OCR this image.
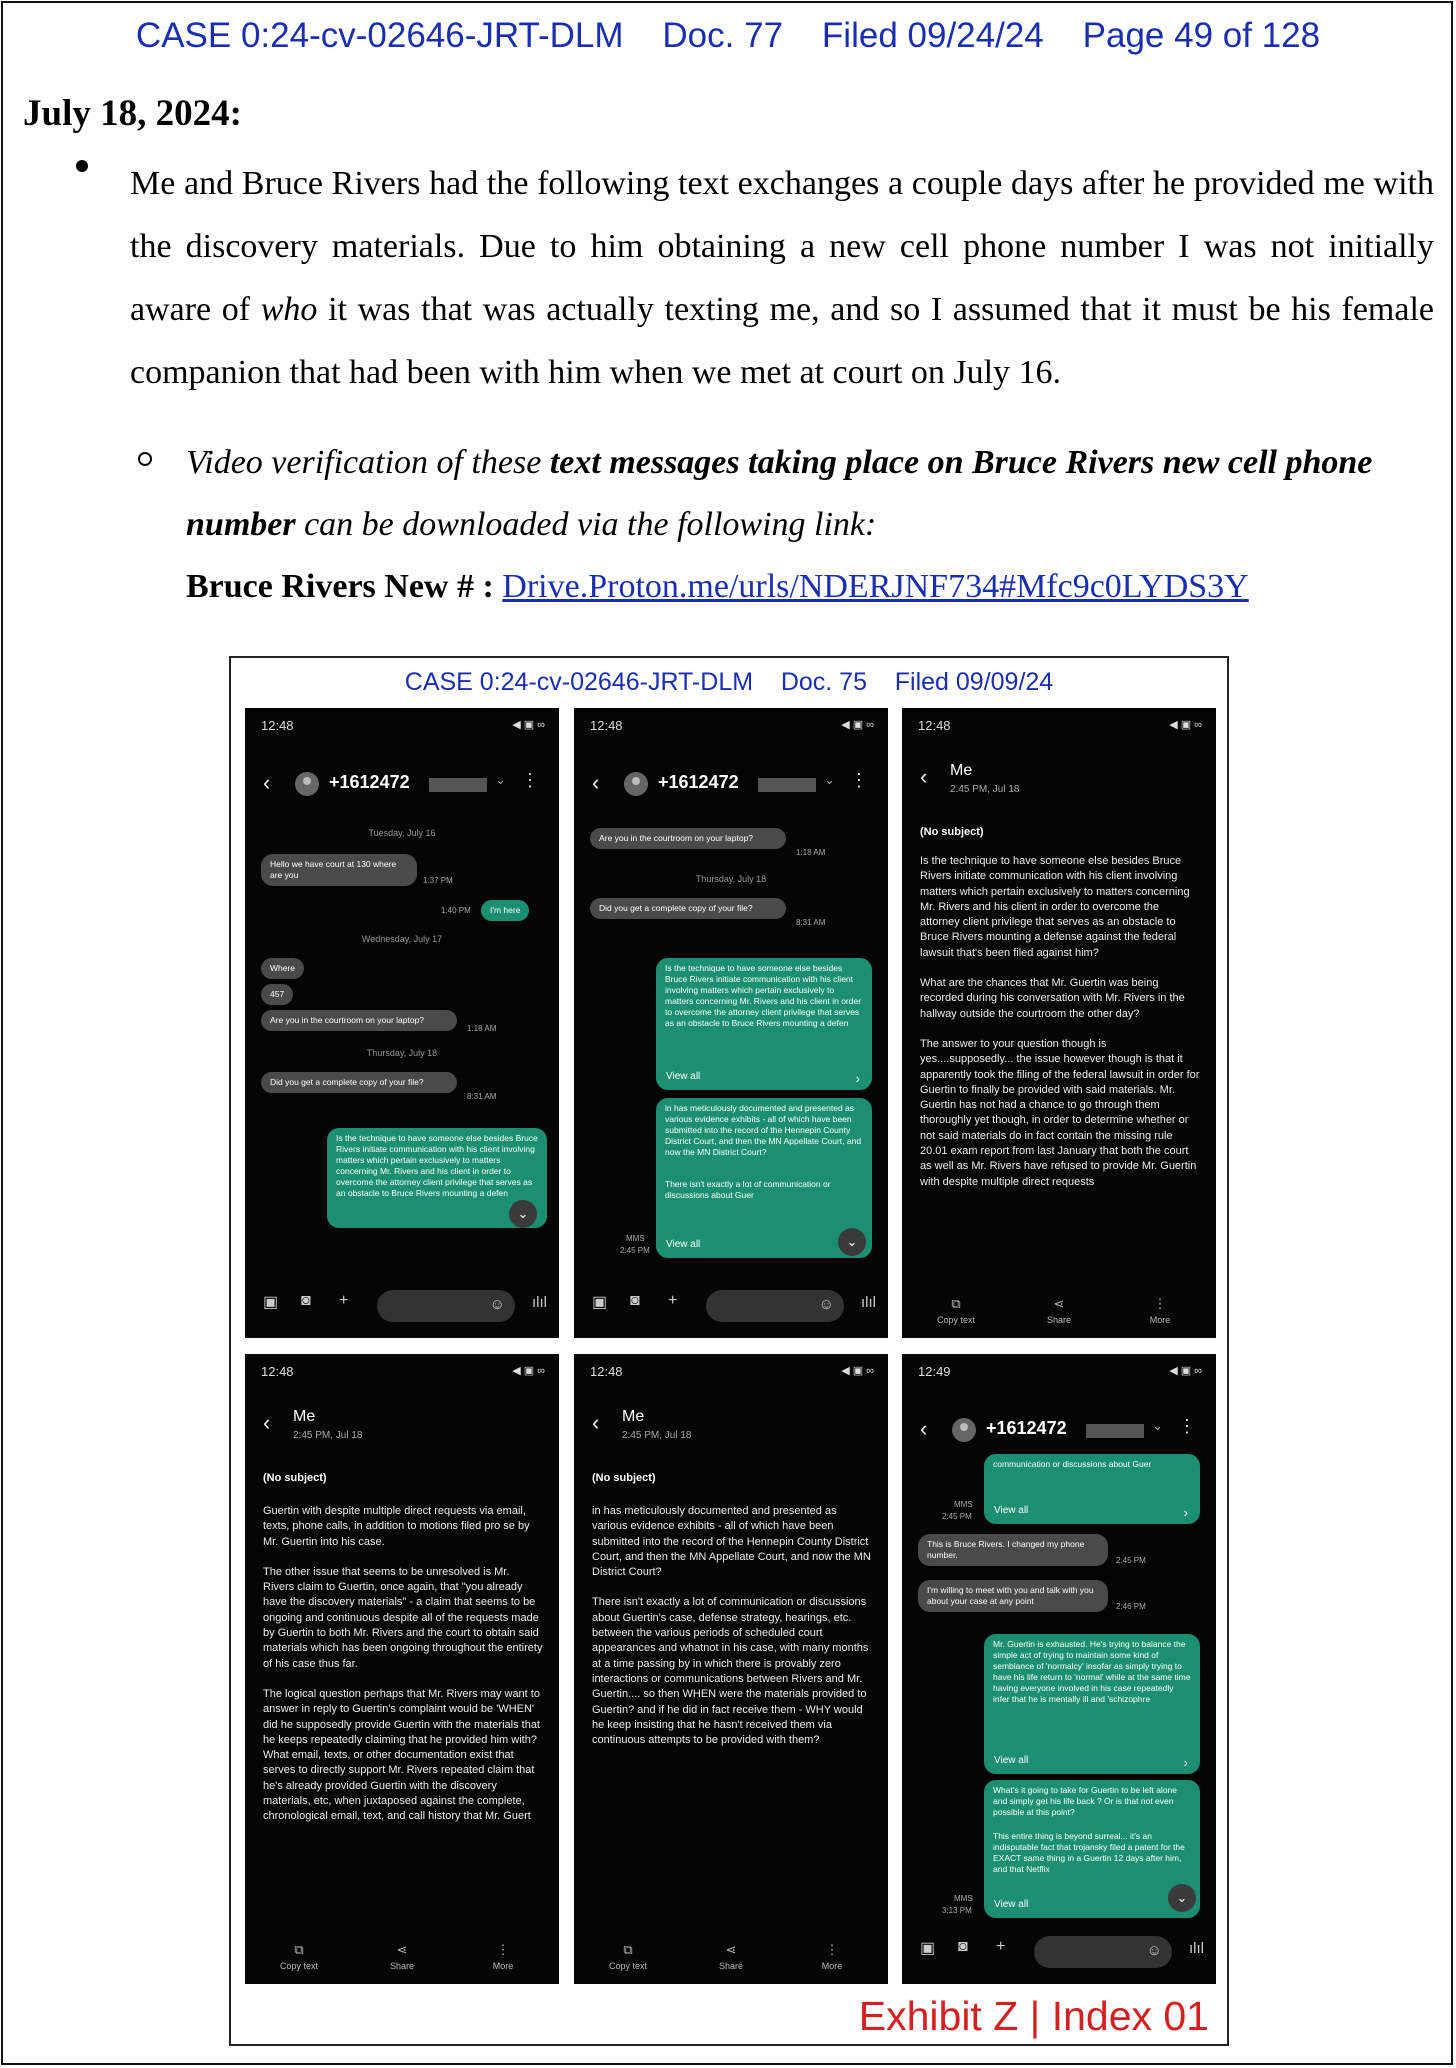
CASE 0:24-cv-02646-JRT-DLM    Doc. 77    Filed 09/24/24    Page 49 of 128
July 18, 2024:
Me and Bruce Rivers had the following text exchanges a couple days after he provided me with the discovery materials. Due to him obtaining a new cell phone number I was not initially aware of who it was that was actually texting me, and so I assumed that it must be his female companion that had been with him when we met at court on July 16.
Video verification of these text messages taking place on Bruce Rivers new cell phone number can be downloaded via the following link:
Bruce Rivers New # : Drive.Proton.me/urls/NDERJNF734#Mfc9c0LYDS3Y
CASE 0:24-cv-02646-JRT-DLM    Doc. 75    Filed 09/09/24
12:48	◀ ▣ ∞
‹	+1612472	⌄ ⋮
Tuesday, July 16
Hello we have court at 130 where are you
1:37 PM
I'm here
1:40 PM
Wednesday, July 17
Where
457
Are you in the courtroom on your laptop?
1:18 AM
Thursday, July 18
Did you get a complete copy of your file?
8:31 AM
Is the technique to have someone else besides Bruce Rivers initiate communication with his client involving matters which pertain exclusively to matters concerning Mr. Rivers and his client in order to overcome the attorney client privilege that serves as an obstacle to Bruce Rivers mounting a defen
⌄
▣ ◙ +	☺ ılıl
12:48	◀ ▣ ∞
‹	+1612472	⌄ ⋮
Are you in the courtroom on your laptop?
1:18 AM
Thursday, July 18
Did you get a complete copy of your file?
8:31 AM
Is the technique to have someone else besides Bruce Rivers initiate communication with his client involving matters which pertain exclusively to matters concerning Mr. Rivers and his client in order to overcome the attorney client privilege that serves as an obstacle to Bruce Rivers mounting a defen
View all	›
in has meticulously documented and presented as various evidence exhibits - all of which have been submitted into the record of the Hennepin County District Court, and then the MN Appellate Court, and now the MN District Court?
There isn't exactly a lot of communication or discussions about Guer
View all
MMS
2:45 PM
⌄
▣ ◙ +	☺ ılıl
12:48	◀ ▣ ∞
‹ Me
2:45 PM, Jul 18
(No subject)

Is the technique to have someone else besides Bruce Rivers initiate communication with his client involving matters which pertain exclusively to matters concerning Mr. Rivers and his client in order to overcome the attorney client privilege that serves as an obstacle to Bruce Rivers mounting a defense against the federal lawsuit that's been filed against him?

What are the chances that Mr. Guertin was being recorded during his conversation with Mr. Rivers in the hallway outside the courtroom the other day?

The answer to your question though is yes....supposedly... the issue however though is that it apparently took the filing of the federal lawsuit in order for Guertin to finally be provided with said materials. Mr. Guertin has not had a chance to go through them thoroughly yet though, in order to determine whether or not said materials do in fact contain the missing rule 20.01 exam report from last January that both the court as well as Mr. Rivers have refused to provide Mr. Guertin with despite multiple direct requests

⧉
Copy text
⋖
Share
⋮
More
12:48	◀ ▣ ∞
‹ Me
2:45 PM, Jul 18
(No subject)

Guertin with despite multiple direct requests via email, texts, phone calls, in addition to motions filed pro se by Mr. Guertin into his case.

The other issue that seems to be unresolved is Mr. Rivers claim to Guertin, once again, that "you already have the discovery materials" - a claim that seems to be ongoing and continuous despite all of the requests made by Guertin to both Mr. Rivers and the court to obtain said materials which has been ongoing throughout the entirety of his case thus far.

The logical question perhaps that Mr. Rivers may want to answer in reply to Guertin's complaint would be 'WHEN' did he supposedly provide Guertin with the materials that he keeps repeatedly claiming that he provided him with? What email, texts, or other documentation exist that serves to directly support Mr. Rivers repeated claim that he's already provided Guertin with the discovery materials, etc, when juxtaposed against the complete, chronological email, text, and call history that Mr. Guert

⧉
Copy text
⋖
Share
⋮
More
12:48	◀ ▣ ∞
‹ Me
2:45 PM, Jul 18
(No subject)

in has meticulously documented and presented as various evidence exhibits - all of which have been submitted into the record of the Hennepin County District Court, and then the MN Appellate Court, and now the MN District Court?

There isn't exactly a lot of communication or discussions about Guertin's case, defense strategy, hearings, etc. between the various periods of scheduled court appearances and whatnot in his case, with many months at a time passing by in which there is provably zero interactions or communications between Rivers and Mr. Guertin.... so then WHEN were the materials provided to Guertin? and if he did in fact receive them - WHY would he keep insisting that he hasn't received them via continuous attempts to be provided with them?

⧉
Copy text
⋖
Share
⋮
More
12:49	◀ ▣ ∞
‹	+1612472	⌄ ⋮
communication or discussions about Guer
View all	›
MMS
2:45 PM
This is Bruce Rivers. I changed my phone number.
2:45 PM
I'm willing to meet with you and talk with you about your case at any point
2:46 PM
Mr. Guertin is exhausted. He's trying to balance the simple act of trying to maintain some kind of semblance of 'normalcy' insofar as simply trying to have his life return to 'normal' while at the same time having everyone involved in his case repeatedly infer that he is mentally ill and 'schizophre
View all	›
What's it going to take for Guertin to be left alone and simply get his life back ? Or is that not even possible at this point?
This entire thing is beyond surreal... it's an indisputable fact that trojansky filed a patent for the EXACT same thing in a Guertin 12 days after him, and that Netflix
View all
MMS
3:13 PM
⌄
▣ ◙ +	☺ ılıl
Exhibit Z | Index 01
